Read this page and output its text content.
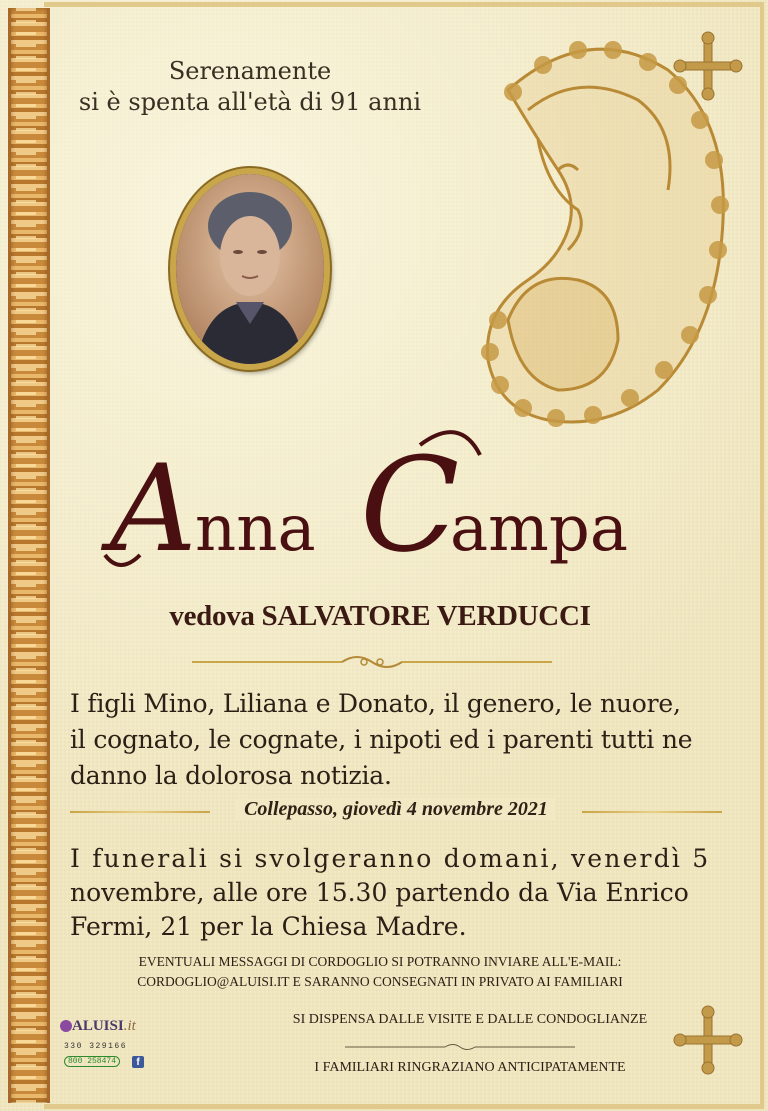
Serenamente
si è spenta all'età di 91 anni
A
nna C
ampa
vedova SALVATORE VERDUCCI
I figli Mino, Liliana e Donato, il genero, le nuore,
il cognato, le cognate, i nipoti ed i parenti tutti ne
danno la dolorosa notizia.
Collepasso, giovedì 4 novembre 2021
I funerali si svolgeranno domani, venerdì 5
novembre, alle ore 15.30 partendo da Via Enrico
Fermi, 21 per la Chiesa Madre.
EVENTUALI MESSAGGI DI CORDOGLIO SI POTRANNO INVIARE ALL'E-MAIL:
CORDOGLIO@ALUISI.IT E SARANNO CONSEGNATI IN PRIVATO AI FAMILIARI
SI DISPENSA DALLE VISITE E DALLE CONDOGLIANZE
I FAMILIARI RINGRAZIANO ANTICIPATAMENTE
ALUISI.it
330 329166
800 258474	f
